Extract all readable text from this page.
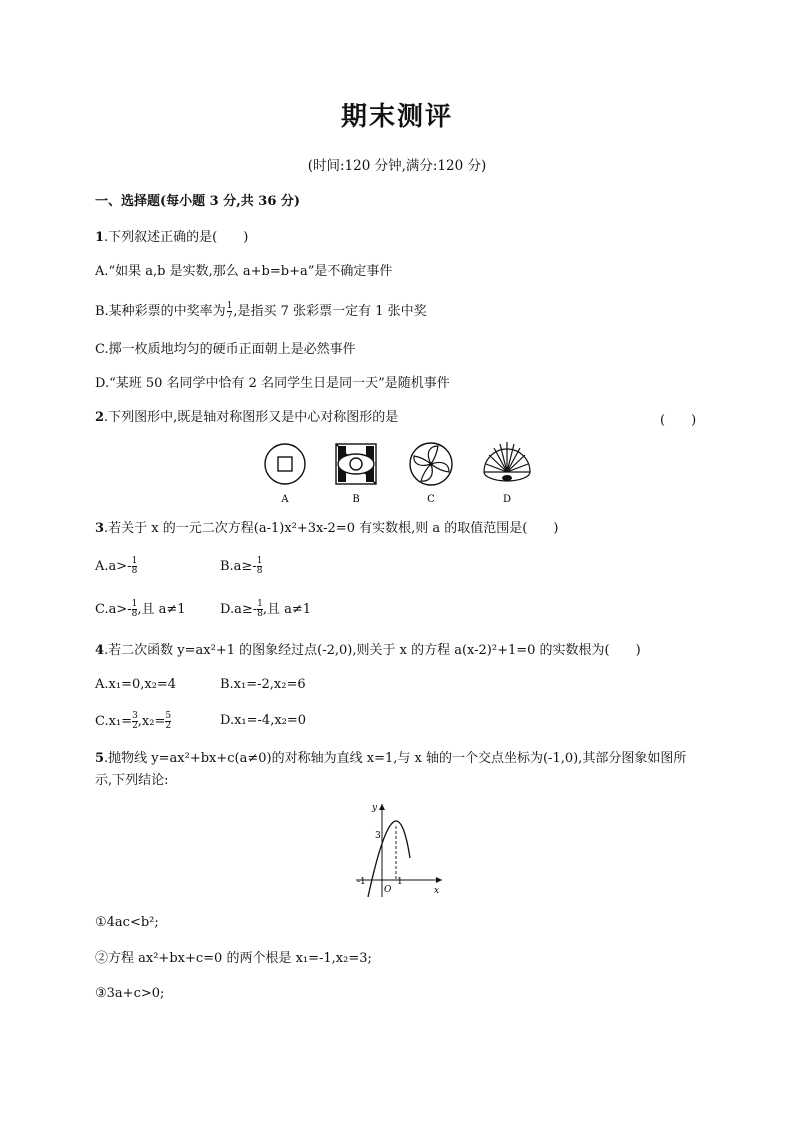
期末测评
(时间:120 分钟,满分:120 分)
一、选择题(每小题 3 分,共 36 分)
1.下列叙述正确的是(　　)
A.“如果 a,b 是实数,那么 a+b=b+a”是不确定事件
B.某种彩票的中奖率为 $\frac{1}{7}$ ,是指买 7 张彩票一定有 1 张中奖
C.掷一枚质地均匀的硬币正面朝上是必然事件
D.“某班 50 名同学中恰有 2 名同学生日是同一天”是随机事件
2.下列图形中,既是轴对称图形又是中心对称图形的是	(　　)
A	B	C	D
3.若关于 x 的一元二次方程(a-1)x²+3x-2=0 有实数根,则 a 的取值范围是(　　)
$A.a>- \frac{1}{8}$	$B.a\ge- \frac{1}{8}$
$C.a>- \frac{1}{8}$ ,且 a≠1	$D.a\ge- \frac{1}{8}$ ,且 a≠1
4.若二次函数 y=ax²+1 的图象经过点(-2,0),则关于 x 的方程 a(x-2)²+1=0 的实数根为(　　)
A.x₁=0,x₂=4	B.x₁=-2,x₂=6
$C.x_1= \frac{3}{2} ,x_2= \frac{5}{2}$	D.x₁=-4,x₂=0
5.抛物线 y=ax²+bx+c(a≠0)的对称轴为直线 x=1,与 x 轴的一个交点坐标为(-1,0),其部分图象如图所
示,下列结论:
y
x
3
-1
O
1
①4ac<b²;
②方程 ax²+bx+c=0 的两个根是 x₁=-1,x₂=3;
③3a+c>0;
